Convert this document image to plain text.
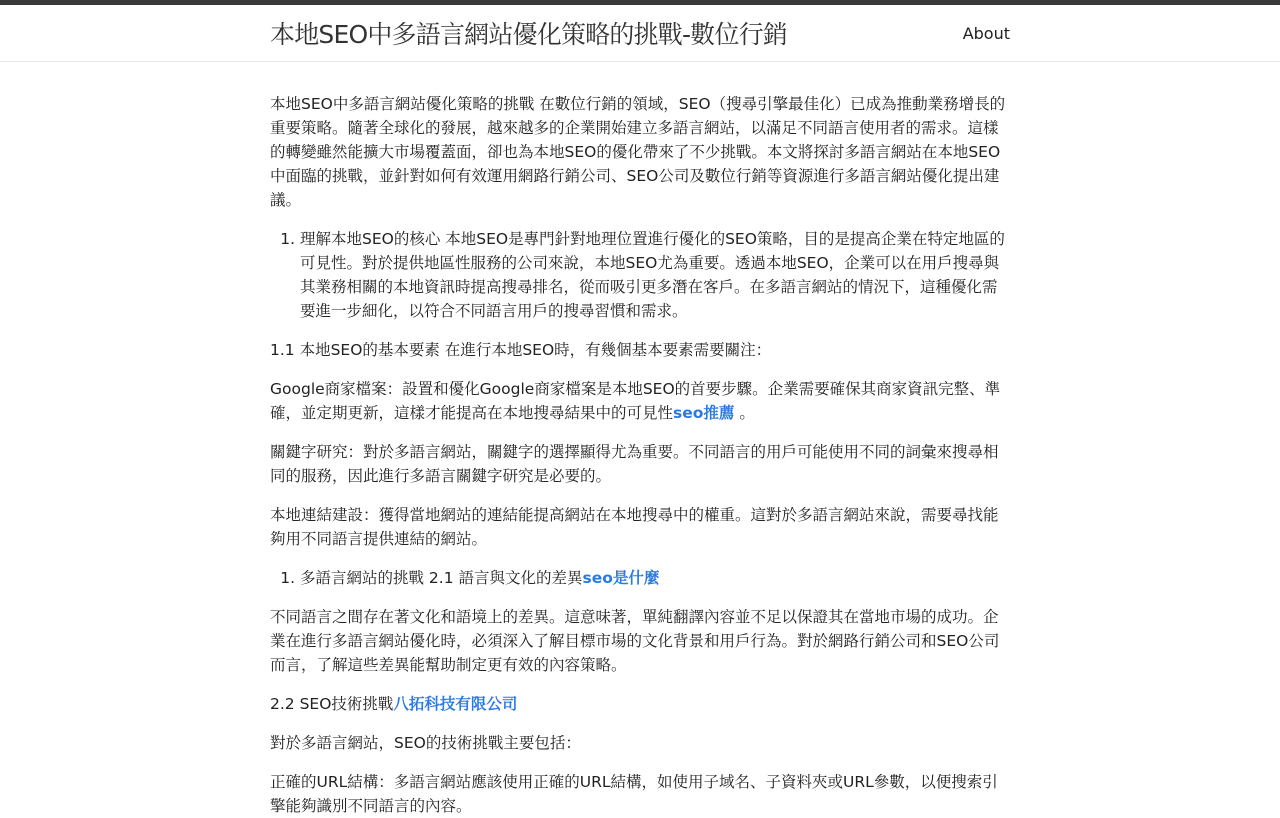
本地SEO中多語言網站優化策略的挑戰-數位行銷	About

本地SEO中多語言網站優化策略的挑戰 在數位行銷的領域，SEO（搜尋引擎最佳化）已成為推動業務增長的重要策略。隨著全球化的發展，越來越多的企業開始建立多語言網站，以滿足不同語言使用者的需求。這樣的轉變雖然能擴大市場覆蓋面，卻也為本地SEO的優化帶來了不少挑戰。本文將探討多語言網站在本地SEO中面臨的挑戰，並針對如何有效運用網路行銷公司、SEO公司及數位行銷等資源進行多語言網站優化提出建議。

1. 理解本地SEO的核心 本地SEO是專門針對地理位置進行優化的SEO策略，目的是提高企業在特定地區的可見性。對於提供地區性服務的公司來說，本地SEO尤為重要。透過本地SEO，企業可以在用戶搜尋與其業務相關的本地資訊時提高搜尋排名，從而吸引更多潛在客戶。在多語言網站的情況下，這種優化需要進一步細化，以符合不同語言用戶的搜尋習慣和需求。

1.1 本地SEO的基本要素 在進行本地SEO時，有幾個基本要素需要關注：

Google商家檔案：設置和優化Google商家檔案是本地SEO的首要步驟。企業需要確保其商家資訊完整、準確，並定期更新，這樣才能提高在本地搜尋結果中的可見性seo推薦 。

關鍵字研究：對於多語言網站，關鍵字的選擇顯得尤為重要。不同語言的用戶可能使用不同的詞彙來搜尋相同的服務，因此進行多語言關鍵字研究是必要的。

本地連結建設：獲得當地網站的連結能提高網站在本地搜尋中的權重。這對於多語言網站來說，需要尋找能夠用不同語言提供連結的網站。

1. 多語言網站的挑戰 2.1 語言與文化的差異seo是什麼

不同語言之間存在著文化和語境上的差異。這意味著，單純翻譯內容並不足以保證其在當地市場的成功。企業在進行多語言網站優化時，必須深入了解目標市場的文化背景和用戶行為。對於網路行銷公司和SEO公司而言，了解這些差異能幫助制定更有效的內容策略。

2.2 SEO技術挑戰八拓科技有限公司

對於多語言網站，SEO的技術挑戰主要包括：

正確的URL結構：多語言網站應該使用正確的URL結構，如使用子域名、子資料夾或URL參數，以便搜索引擎能夠識別不同語言的內容。
